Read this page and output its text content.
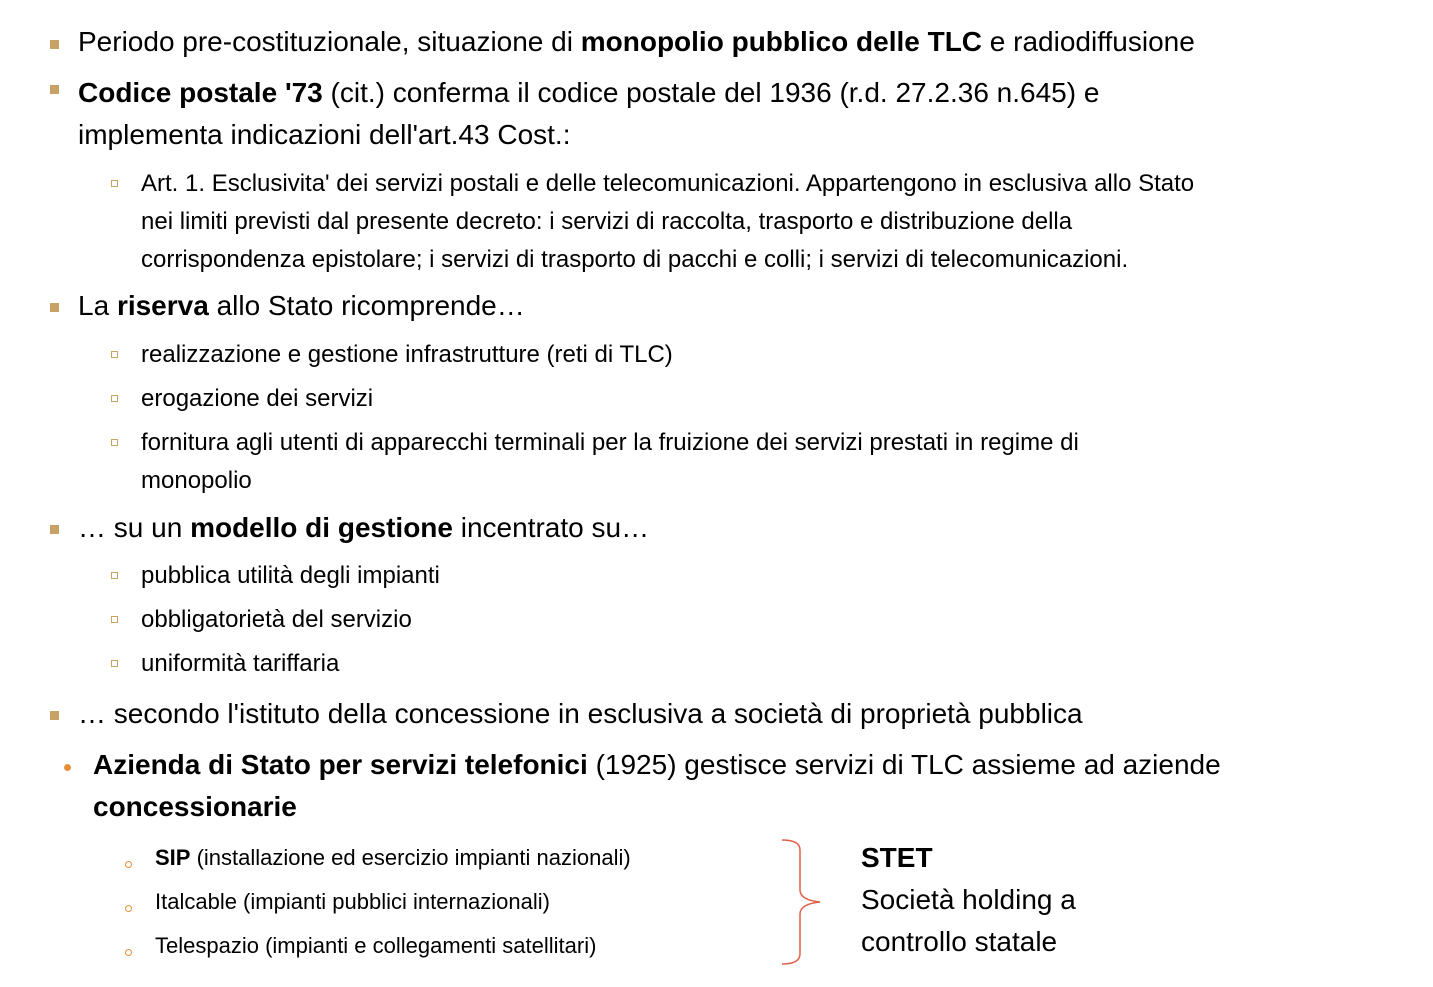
Periodo pre-costituzionale, situazione di monopolio pubblico delle TLC e radiodiffusione
Codice postale '73 (cit.) conferma il codice postale del 1936 (r.d. 27.2.36 n.645) e
implementa indicazioni dell'art.43 Cost.:
Art. 1. Esclusivita' dei servizi postali e delle telecomunicazioni. Appartengono in esclusiva allo Stato
nei limiti previsti dal presente decreto: i servizi di raccolta, trasporto e distribuzione della
corrispondenza epistolare; i servizi di trasporto di pacchi e colli; i servizi di telecomunicazioni.
La riserva allo Stato ricomprende…
realizzazione e gestione infrastrutture (reti di TLC)
erogazione dei servizi
fornitura agli utenti di apparecchi terminali per la fruizione dei servizi prestati in regime di
monopolio
… su un modello di gestione incentrato su…
pubblica utilità degli impianti
obbligatorietà del servizio
uniformità tariffaria
… secondo l'istituto della concessione in esclusiva a società di proprietà pubblica
Azienda di Stato per servizi telefonici (1925) gestisce servizi di TLC assieme ad aziende
concessionarie
SIP (installazione ed esercizio impianti nazionali)
Italcable (impianti pubblici internazionali)
Telespazio (impianti e collegamenti satellitari)
STET
Società holding a
controllo statale
